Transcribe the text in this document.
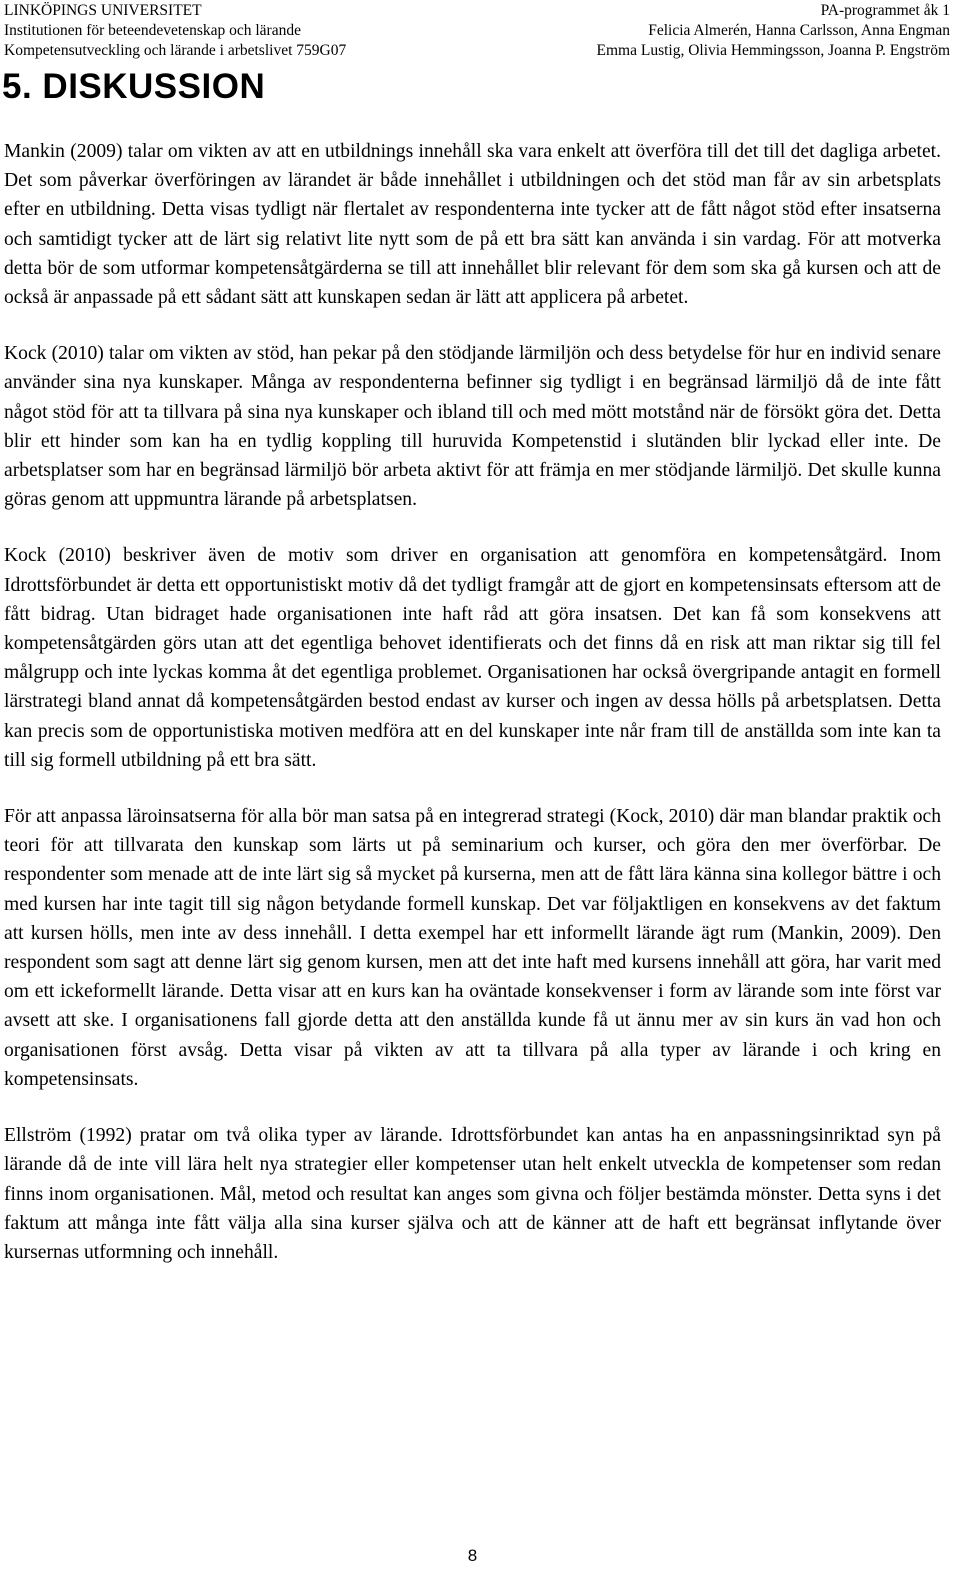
LINKÖPINGS UNIVERSITET
Institutionen för beteendevetenskap och lärande
Kompetensutveckling och lärande i arbetslivet 759G07
PA-programmet åk 1
Felicia Almerén, Hanna Carlsson, Anna Engman
Emma Lustig, Olivia Hemmingsson, Joanna P. Engström
5. DISKUSSION

Mankin (2009) talar om vikten av att en utbildnings innehåll ska vara enkelt att överföra till det till det dagliga arbetet. Det som påverkar överföringen av lärandet är både innehållet i utbildningen och det stöd man får av sin arbetsplats efter en utbildning. Detta visas tydligt när flertalet av respondenterna inte tycker att de fått något stöd efter insatserna och samtidigt tycker att de lärt sig relativt lite nytt som de på ett bra sätt kan använda i sin vardag. För att motverka detta bör de som utformar kompetensåtgärderna se till att innehållet blir relevant för dem som ska gå kursen och att de också är anpassade på ett sådant sätt att kunskapen sedan är lätt att applicera på arbetet.

Kock (2010) talar om vikten av stöd, han pekar på den stödjande lärmiljön och dess betydelse för hur en individ senare använder sina nya kunskaper. Många av respondenterna befinner sig tydligt i en begränsad lärmiljö då de inte fått något stöd för att ta tillvara på sina nya kunskaper och ibland till och med mött motstånd när de försökt göra det. Detta blir ett hinder som kan ha en tydlig koppling till huruvida Kompetenstid i slutänden blir lyckad eller inte. De arbetsplatser som har en begränsad lärmiljö bör arbeta aktivt för att främja en mer stödjande lärmiljö. Det skulle kunna göras genom att uppmuntra lärande på arbetsplatsen.

Kock (2010) beskriver även de motiv som driver en organisation att genomföra en kompetensåtgärd. Inom Idrottsförbundet är detta ett opportunistiskt motiv då det tydligt framgår att de gjort en kompetensinsats eftersom att de fått bidrag. Utan bidraget hade organisationen inte haft råd att göra insatsen. Det kan få som konsekvens att kompetensåtgärden görs utan att det egentliga behovet identifierats och det finns då en risk att man riktar sig till fel målgrupp och inte lyckas komma åt det egentliga problemet. Organisationen har också övergripande antagit en formell lärstrategi bland annat då kompetensåtgärden bestod endast av kurser och ingen av dessa hölls på arbetsplatsen. Detta kan precis som de opportunistiska motiven medföra att en del kunskaper inte når fram till de anställda som inte kan ta till sig formell utbildning på ett bra sätt.

För att anpassa läroinsatserna för alla bör man satsa på en integrerad strategi (Kock, 2010) där man blandar praktik och teori för att tillvarata den kunskap som lärts ut på seminarium och kurser, och göra den mer överförbar. De respondenter som menade att de inte lärt sig så mycket på kurserna, men att de fått lära känna sina kollegor bättre i och med kursen har inte tagit till sig någon betydande formell kunskap. Det var följaktligen en konsekvens av det faktum att kursen hölls, men inte av dess innehåll. I detta exempel har ett informellt lärande ägt rum (Mankin, 2009). Den respondent som sagt att denne lärt sig genom kursen, men att det inte haft med kursens innehåll att göra, har varit med om ett ickeformellt lärande. Detta visar att en kurs kan ha oväntade konsekvenser i form av lärande som inte först var avsett att ske. I organisationens fall gjorde detta att den anställda kunde få ut ännu mer av sin kurs än vad hon och organisationen först avsåg. Detta visar på vikten av att ta tillvara på alla typer av lärande i och kring en kompetensinsats.

Ellström (1992) pratar om två olika typer av lärande. Idrottsförbundet kan antas ha en anpassningsinriktad syn på lärande då de inte vill lära helt nya strategier eller kompetenser utan helt enkelt utveckla de kompetenser som redan finns inom organisationen. Mål, metod och resultat kan anges som givna och följer bestämda mönster. Detta syns i det faktum att många inte fått välja alla sina kurser själva och att de känner att de haft ett begränsat inflytande över kursernas utformning och innehåll.

8
